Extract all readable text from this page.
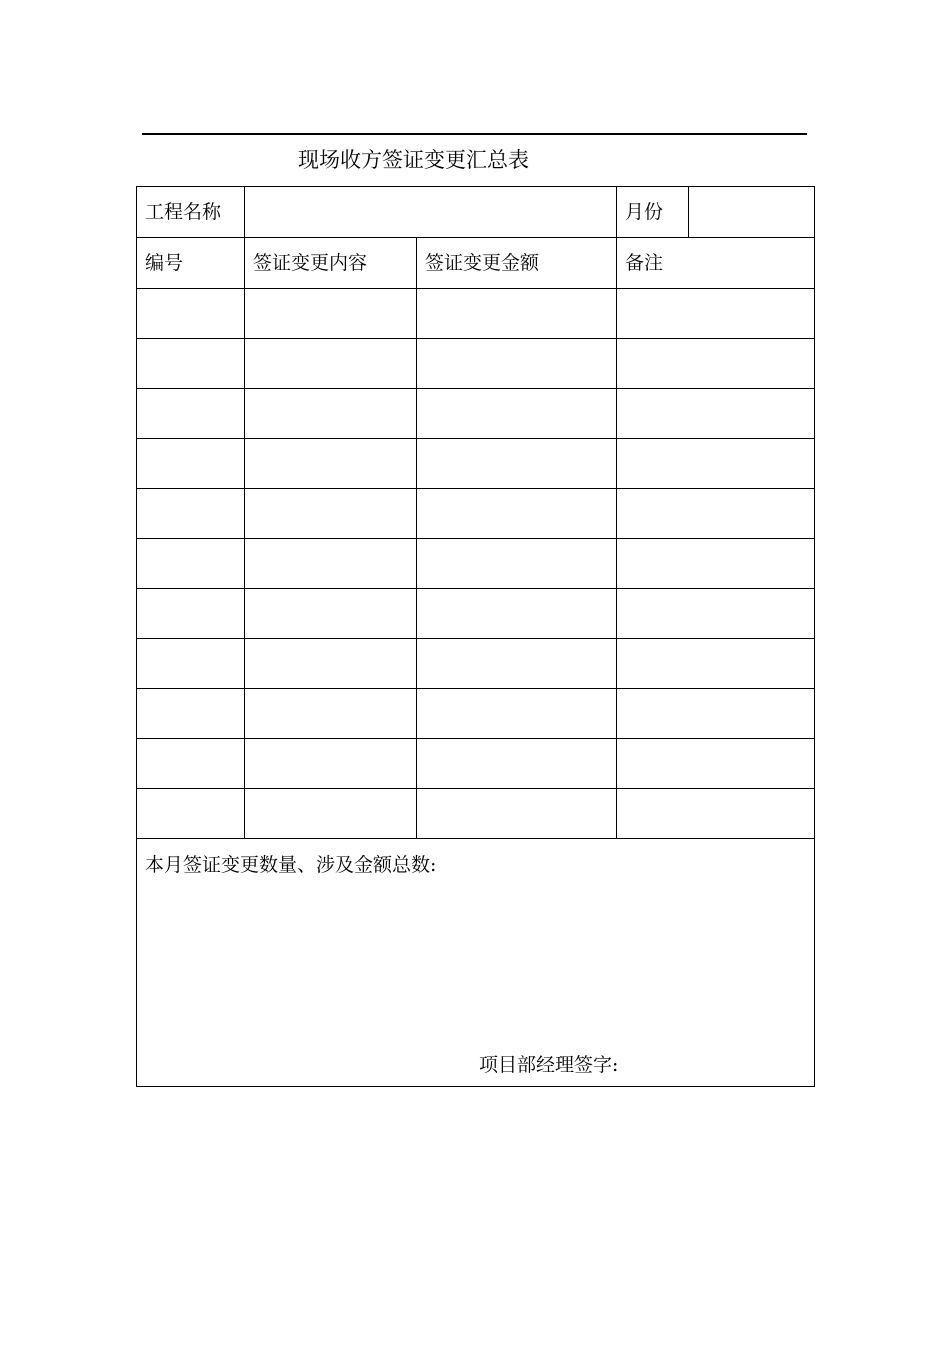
现场收方签证变更汇总表
工程名称			月份	
编号	签证变更内容	签证变更金额	备注	

本月签证变更数量、涉及金额总数:
项目部经理签字:				
